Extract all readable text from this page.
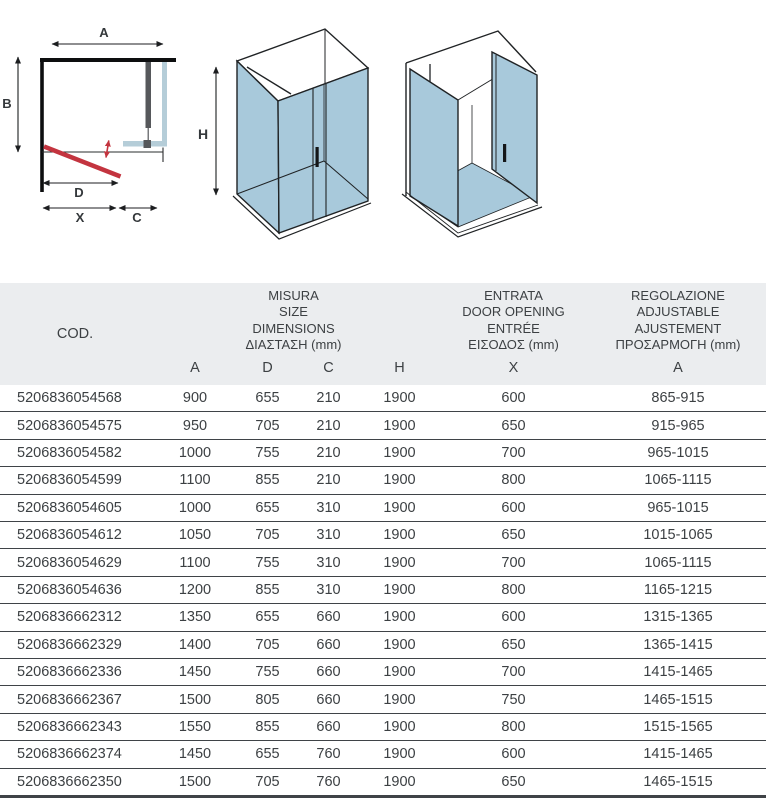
A
B
D
X	C
H
COD.
MISURA
SIZE
DIMENSIONS
ΔΙΑΣΤΑΣΗ (mm)
ENTRATA
DOOR OPENING
ENTRÉE
ΕΙΣΟΔΟΣ (mm)
REGOLAZIONE
ADJUSTABLE
AJUSTEMENT
ΠΡΟΣΑΡΜΟΓΗ (mm)
A	D	C	H	X	A
5206836054568	900	655	210	1900	600	865-915
5206836054575	950	705	210	1900	650	915-965
5206836054582	1000	755	210	1900	700	965-1015
5206836054599	1100	855	210	1900	800	1065-1115
5206836054605	1000	655	310	1900	600	965-1015
5206836054612	1050	705	310	1900	650	1015-1065
5206836054629	1100	755	310	1900	700	1065-1115
5206836054636	1200	855	310	1900	800	1165-1215
5206836662312	1350	655	660	1900	600	1315-1365
5206836662329	1400	705	660	1900	650	1365-1415
5206836662336	1450	755	660	1900	700	1415-1465
5206836662367	1500	805	660	1900	750	1465-1515
5206836662343	1550	855	660	1900	800	1515-1565
5206836662374	1450	655	760	1900	600	1415-1465
5206836662350	1500	705	760	1900	650	1465-1515
